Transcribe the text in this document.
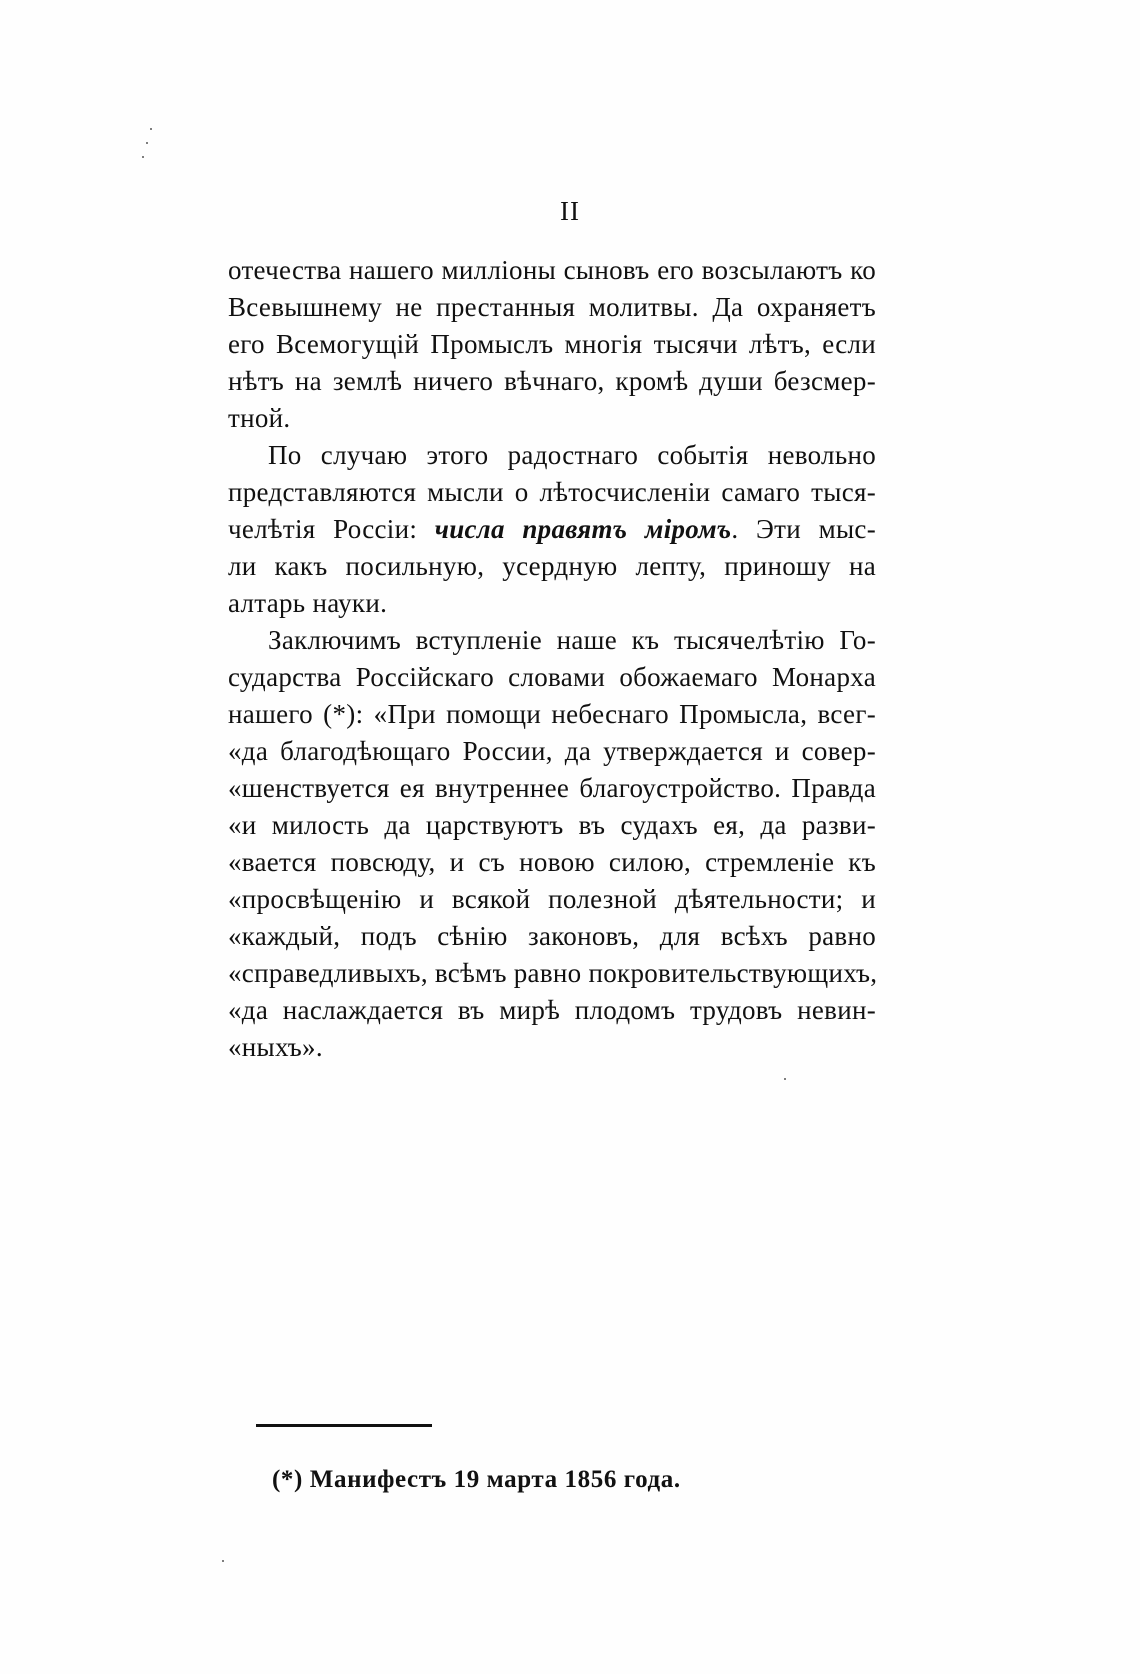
II
отечества нашего милліоны сыновъ его возсылаютъ ко
Всевышнему не престанныя молитвы. Да охраняетъ
его Всемогущій Промыслъ многія тысячи лѣтъ, если
нѣтъ на землѣ ничего вѣчнаго, кромѣ души безсмер-
тной.
По случаю этого радостнаго событія невольно
представляются мысли о лѣтосчисленіи самаго тыся-
челѣтія Россіи: числа правятъ міромъ. Эти мыс-
ли какъ посильную, усердную лепту, приношу на
алтарь науки.
Заключимъ вступленіе наше къ тысячелѣтію Го-
сударства Россійскаго словами обожаемаго Монарха
нашего (*): «При помощи небеснаго Промысла, всег-
«да благодѣющаго России, да утверждается и совер-
«шенствуется ея внутреннее благоустройство. Правда
«и милость да царствуютъ въ судахъ ея, да разви-
«вается повсюду, и съ новою силою, стремленіе къ
«просвѣщенію и всякой полезной дѣятельности; и
«каждый, подъ сѣнію законовъ, для всѣхъ равно
«справедливыхъ, всѣмъ равно покровительствующихъ,
«да наслаждается въ мирѣ плодомъ трудовъ невин-
«ныхъ».
(*) Манифестъ 19 марта 1856 года.
